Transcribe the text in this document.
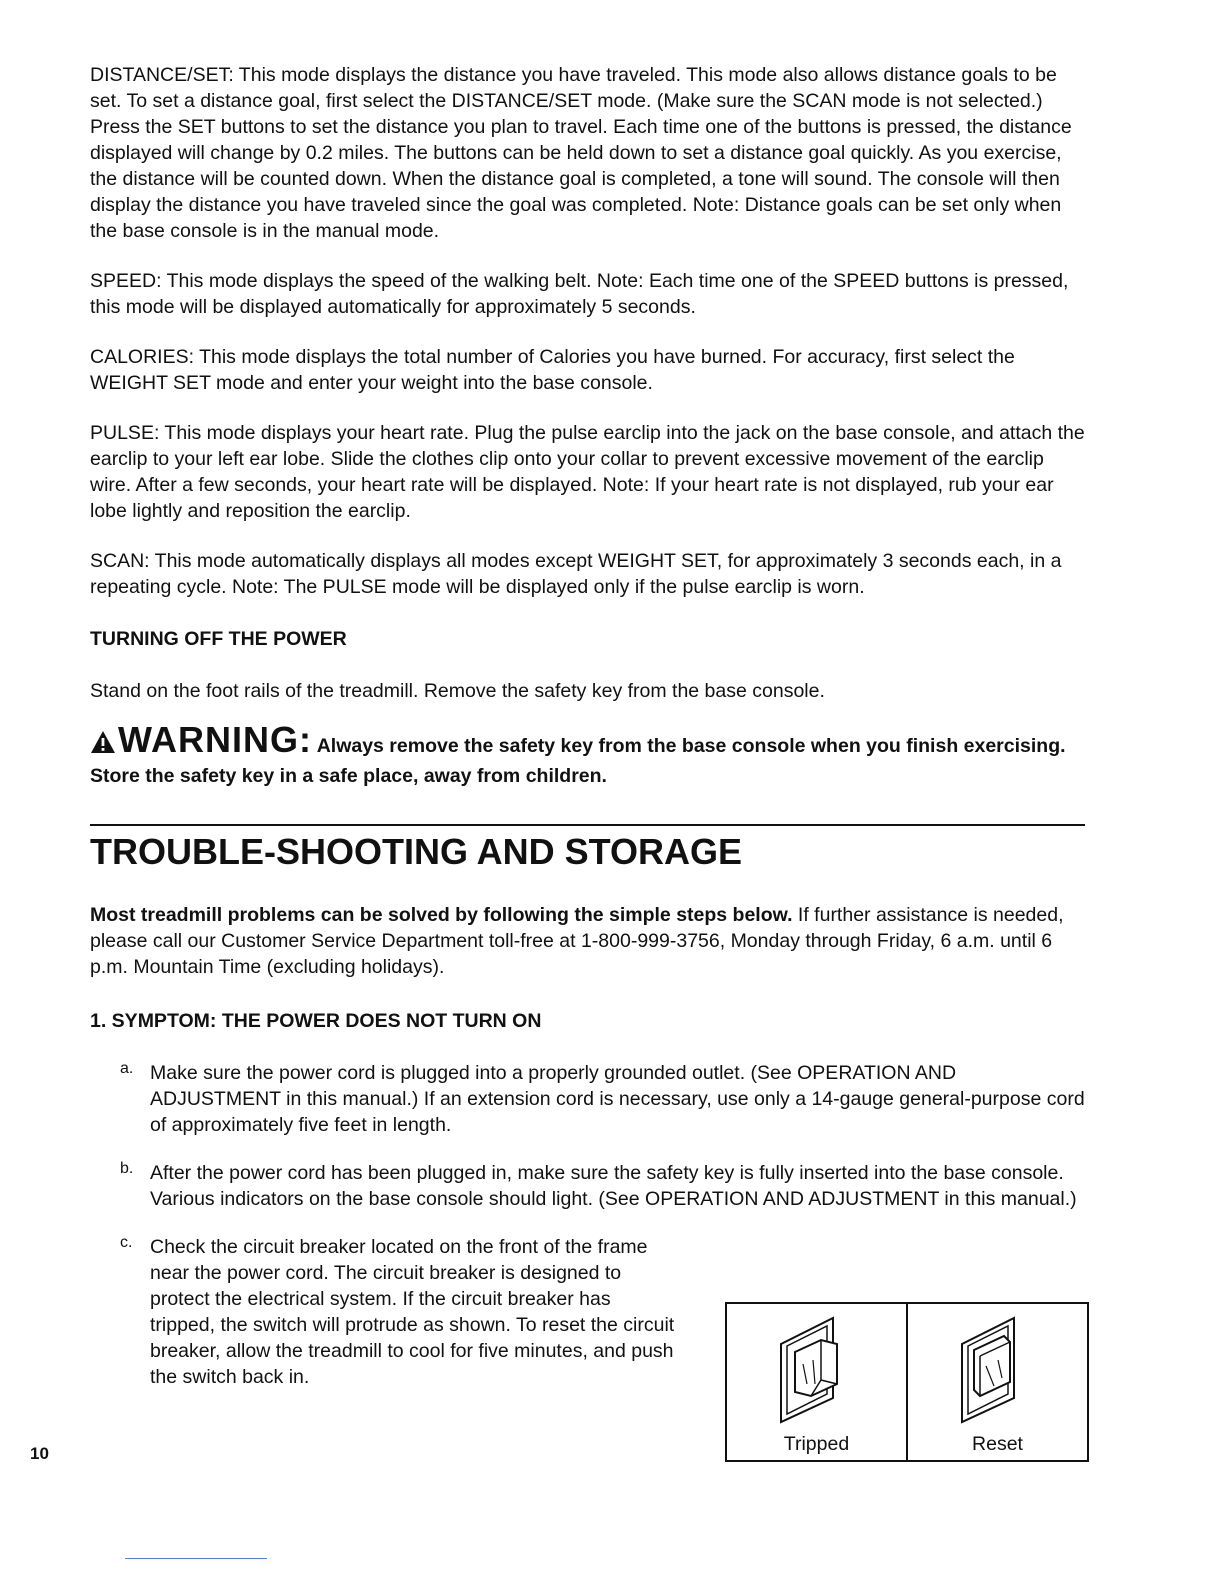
DISTANCE/SET: This mode displays the distance you have traveled. This mode also allows distance goals to be set. To set a distance goal, first select the DISTANCE/SET mode. (Make sure the SCAN mode is not selected.) Press the SET buttons to set the distance you plan to travel. Each time one of the buttons is pressed, the distance displayed will change by 0.2 miles. The buttons can be held down to set a distance goal quickly. As you exercise, the distance will be counted down. When the distance goal is completed, a tone will sound. The console will then display the distance you have traveled since the goal was completed. Note: Distance goals can be set only when the base console is in the manual mode.

SPEED: This mode displays the speed of the walking belt. Note: Each time one of the SPEED buttons is pressed, this mode will be displayed automatically for approximately 5 seconds.

CALORIES: This mode displays the total number of Calories you have burned. For accuracy, first select the WEIGHT SET mode and enter your weight into the base console.

PULSE: This mode displays your heart rate. Plug the pulse earclip into the jack on the base console, and attach the earclip to your left ear lobe. Slide the clothes clip onto your collar to prevent excessive movement of the earclip wire. After a few seconds, your heart rate will be displayed. Note: If your heart rate is not displayed, rub your ear lobe lightly and reposition the earclip.

SCAN: This mode automatically displays all modes except WEIGHT SET, for approximately 3 seconds each, in a repeating cycle. Note: The PULSE mode will be displayed only if the pulse earclip is worn.

TURNING OFF THE POWER

Stand on the foot rails of the treadmill. Remove the safety key from the base console.

WARNING: Always remove the safety key from the base console when you finish exercising. Store the safety key in a safe place, away from children.

TROUBLE-SHOOTING AND STORAGE

Most treadmill problems can be solved by following the simple steps below. If further assistance is needed, please call our Customer Service Department toll-free at 1-800-999-3756, Monday through Friday, 6 a.m. until 6 p.m. Mountain Time (excluding holidays).

1. SYMPTOM: THE POWER DOES NOT TURN ON

a. Make sure the power cord is plugged into a properly grounded outlet. (See OPERATION AND ADJUSTMENT in this manual.) If an extension cord is necessary, use only a 14-gauge general-purpose cord of approximately five feet in length.

b. After the power cord has been plugged in, make sure the safety key is fully inserted into the base console. Various indicators on the base console should light. (See OPERATION AND ADJUSTMENT in this manual.)

c. Check the circuit breaker located on the front of the frame near the power cord. The circuit breaker is designed to protect the electrical system. If the circuit breaker has tripped, the switch will protrude as shown. To reset the circuit breaker, allow the treadmill to cool for five minutes, and push the switch back in.

Tripped	Reset
10
